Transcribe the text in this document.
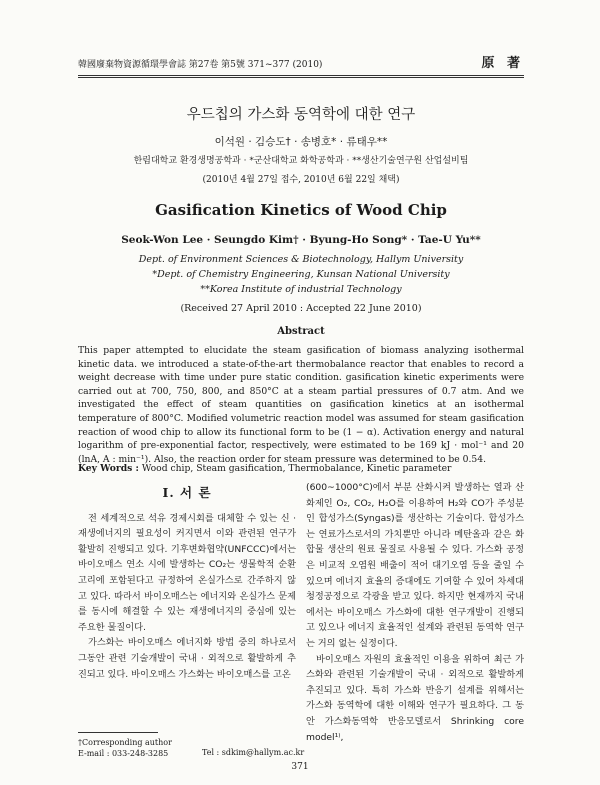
韓國廢棄物資源循環學會誌 第27卷 第5號 371~377 (2010)	原 著
우드칩의 가스화 동역학에 대한 연구
이석원 · 김승도† · 송병호* · 류태우**
한림대학교 환경생명공학과 · *군산대학교 화학공학과 · **생산기술연구원 산업설비팀
(2010년 4월 27일 접수, 2010년 6월 22일 채택)
Gasification Kinetics of Wood Chip
Seok-Won Lee · Seungdo Kim† · Byung-Ho Song* · Tae-U Yu**
Dept. of Environment Sciences & Biotechnology, Hallym University
*Dept. of Chemistry Engineering, Kunsan National University
**Korea Institute of industrial Technology
(Received 27 April 2010 : Accepted 22 June 2010)
Abstract
This paper attempted to elucidate the steam gasification of biomass analyzing isothermal kinetic data. we introduced a state-of-the-art thermobalance reactor that enables to record a weight decrease with time under pure static condition. gasification kinetic experiments were carried out at 700, 750, 800, and 850°C at a steam partial pressures of 0.7 atm. And we investigated the effect of steam quantities on gasification kinetics at an isothermal temperature of 800°C. Modified volumetric reaction model was assumed for steam gasification reaction of wood chip to allow its functional form to be (1 − α). Activation energy and natural logarithm of pre-exponential factor, respectively, were estimated to be 169 kJ · mol⁻¹ and 20 (lnA, A : min⁻¹). Also, the reaction order for steam pressure was determined to be 0.54.
Key Words : Wood chip, Steam gasification, Thermobalance, Kinetic parameter
I. 서 론

전 세계적으로 석유 경제시회를 대체할 수 있는 신 · 재생에너지의 필요성이 커지면서 이와 관련된 연구가 활발히 진행되고 있다. 기후변화협약(UNFCCC)에서는 바이오매스 연소 시에 발생하는 CO₂는 생물학적 순환고리에 포함된다고 규정하여 온실가스로 간주하지 않고 있다. 따라서 바이오매스는 에너지와 온실가스 문제를 동시에 해결할 수 있는 재생에너지의 중심에 있는 주요한 물질이다.

가스화는 바이오매스 에너지화 방법 중의 하나로서 그동안 관련 기술개발이 국내 · 외적으로 활발하게 추진되고 있다. 바이오매스 가스화는 바이오매스를 고온

(600~1000°C)에서 부분 산화시켜 발생하는 열과 산화제인 O₂, CO₂, H₂O를 이용하여 H₂와 CO가 주성분인 합성가스(Syngas)를 생산하는 기술이다. 합성가스는 연료가스로서의 가치뿐만 아니라 메탄올과 같은 화합물 생산의 원료 물질로 사용될 수 있다. 가스화 공정은 비교적 오염원 배출이 적어 대기오염 등을 줄일 수 있으며 에너지 효율의 증대에도 기여할 수 있어 차세대 청정공정으로 각광을 받고 있다. 하지만 현재까지 국내에서는 바이오매스 가스화에 대한 연구개발이 진행되고 있으나 에너지 효율적인 설계와 관련된 동역학 연구는 거의 없는 실정이다.

바이오매스 자원의 효율적인 이용을 위하여 최근 가스화와 관련된 기술개발이 국내 · 외적으로 활발하게 추진되고 있다. 특히 가스화 반응기 설계를 위해서는 가스화 동역학에 대한 이해와 연구가 필요하다. 그 동안 가스화동역학 반응모델로서 Shrinking core model¹⁾,

†Corresponding author
E-mail : 033-248-3285	Tel : sdkim@hallym.ac.kr
371
